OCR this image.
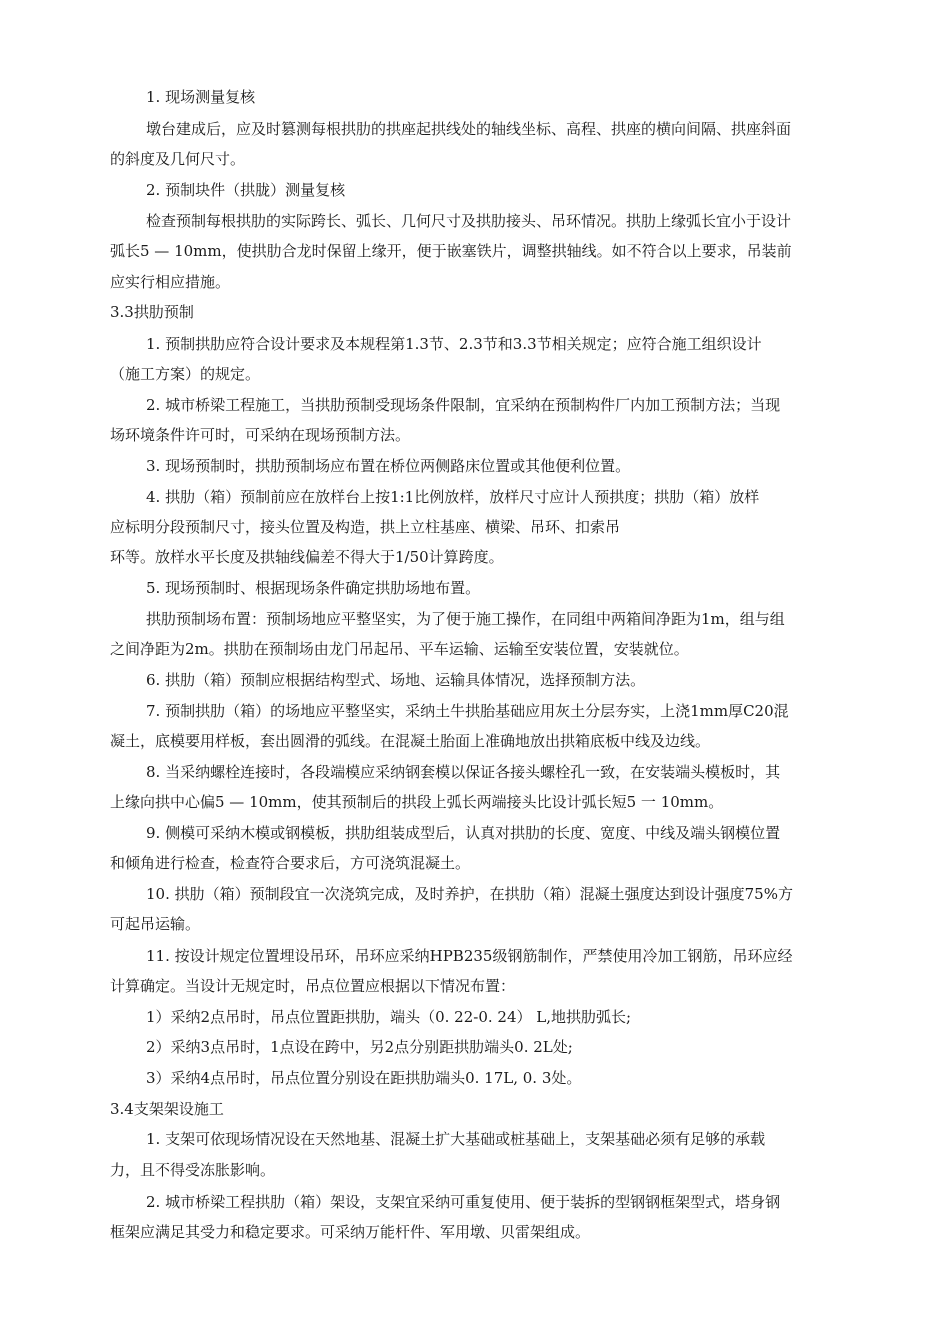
1. 现场测量复核
墩台建成后，应及时篡测每根拱肋的拱座起拱线处的轴线坐标、高程、拱座的横向间隔、拱座斜面
的斜度及几何尺寸。
2. 预制块件（拱胧）测量复核
检查预制每根拱肋的实际跨长、弧长、几何尺寸及拱肋接头、吊环情况。拱肋上缘弧长宜小于设计
弧长5 — 10mm，使拱肋合龙时保留上缘开，便于嵌塞铁片，调整拱轴线。如不符合以上要求，吊装前
应实行相应措施。
3.3拱肋预制
1. 预制拱肋应符合设计要求及本规程第1.3节、2.3节和3.3节相关规定；应符合施工组织设计
（施工方案）的规定。
2. 城市桥梁工程施工，当拱肋预制受现场条件限制，宜采纳在预制构件厂内加工预制方法；当现
场环境条件许可时，可采纳在现场预制方法。
3. 现场预制时，拱肋预制场应布置在桥位两侧路床位置或其他便利位置。
4. 拱肋（箱）预制前应在放样台上按1:1比例放样，放样尺寸应计人预拱度；拱肋（箱）放样
应标明分段预制尺寸，接头位置及构造，拱上立柱基座、横梁、吊环、扣索吊
环等。放样水平长度及拱轴线偏差不得大于1/50计算跨度。
5. 现场预制时、根据现场条件确定拱肋场地布置。
拱肋预制场布置：预制场地应平整坚实，为了便于施工操作，在同组中两箱间净距为1m，组与组
之间净距为2m。拱肋在预制场由龙门吊起吊、平车运输、运输至安装位置，安装就位。
6. 拱肋（箱）预制应根据结构型式、场地、运输具体情况，选择预制方法。
7. 预制拱肋（箱）的场地应平整坚实，采纳土牛拱胎基础应用灰土分层夯实，上浇1mm厚C20混
凝土，底模要用样板，套出圆滑的弧线。在混凝土胎面上准确地放出拱箱底板中线及边线。
8. 当采纳螺栓连接时，各段端模应采纳钢套模以保证各接头螺栓孔一致，在安装端头模板时，其
上缘向拱中心偏5 — 10mm，使其预制后的拱段上弧长两端接头比设计弧长短5 一 10mm。
9. 侧模可采纳木模或钢模板，拱肋组装成型后，认真对拱肋的长度、宽度、中线及端头钢模位置
和倾角进行检查，检查符合要求后，方可浇筑混凝土。
10. 拱肋（箱）预制段宜一次浇筑完成，及时养护，在拱肋（箱）混凝土强度达到设计强度75%方
可起吊运输。
11. 按设计规定位置埋设吊环，吊环应采纳HPB235级钢筋制作，严禁使用冷加工钢筋，吊环应经
计算确定。当设计无规定时，吊点位置应根据以下情况布置：
1）采纳2点吊时，吊点位置距拱肋，端头（0. 22-0. 24） L,地拱肋弧长;
2）采纳3点吊时，1点设在跨中，另2点分别距拱肋端头0. 2L处;
3）采纳4点吊时，吊点位置分别设在距拱肋端头0. 17L, 0. 3处。
3.4支架架设施工
1. 支架可依现场情况设在天然地基、混凝土扩大基础或桩基础上，支架基础必须有足够的承载
力，且不得受冻胀影响。
2. 城市桥梁工程拱肋（箱）架设，支架宜采纳可重复使用、便于装拆的型钢钢框架型式，塔身钢
框架应满足其受力和稳定要求。可采纳万能杆件、军用墩、贝雷架组成。
